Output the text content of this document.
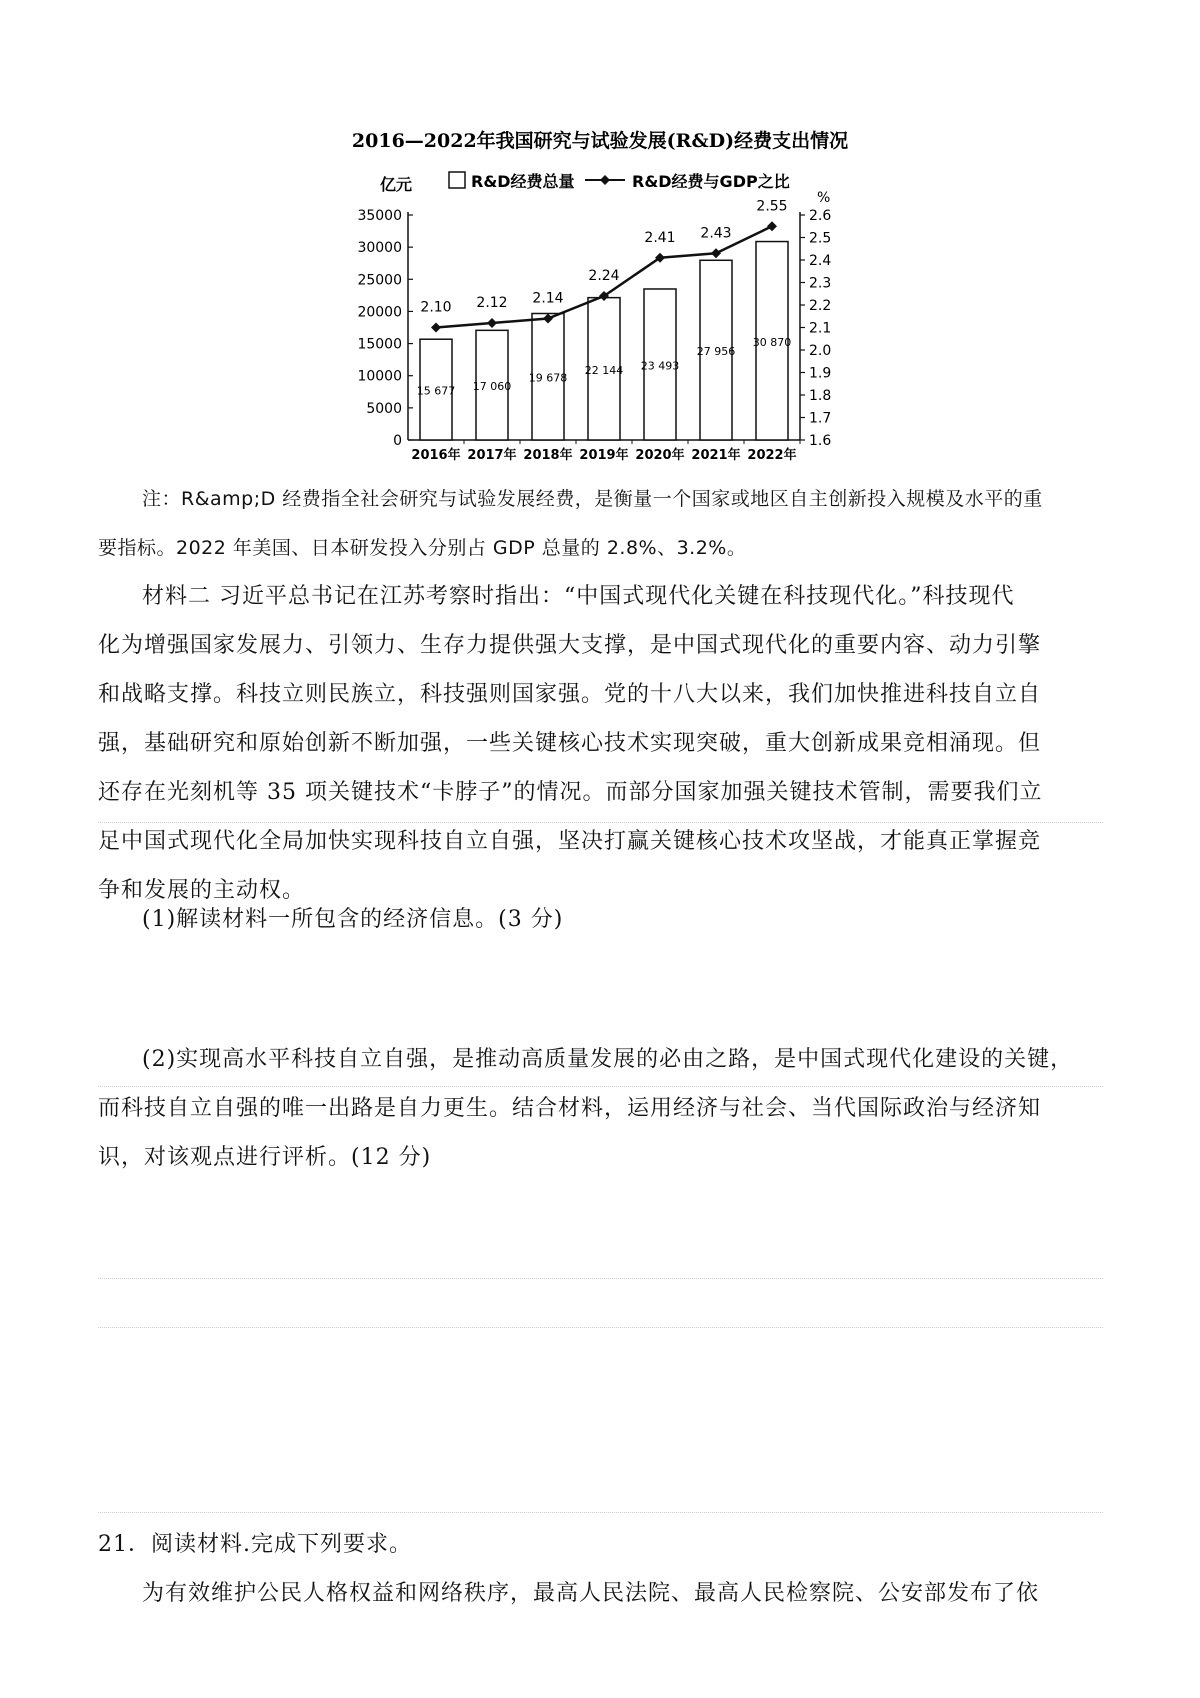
2016—2022年我国研究与试验发展(R&D)经费支出情况
亿元
%
R&D经费总量	R&D经费与GDP之比
0
5000
10000
15000
20000
25000
30000
35000
1.6
1.7
1.8
1.9
2.0
2.1
2.2
2.3
2.4
2.5
2.6
15 677
2016年
17 060
2017年
19 678
2018年
22 144
2019年
23 493
2020年
27 956
2021年
30 870
2022年
2.10 2.12 2.14
2.24
2.41 2.43
2.55
注：R&amp;D 经费指全社会研究与试验发展经费，是衡量一个国家或地区自主创新投入规模及水平的重
要指标。2022 年美国、日本研发投入分别占 GDP 总量的 2.8%、3.2%。
材料二 习近平总书记在江苏考察时指出：“中国式现代化关键在科技现代化。”科技现代
化为增强国家发展力、引领力、生存力提供强大支撑，是中国式现代化的重要内容、动力引擎
和战略支撑。科技立则民族立，科技强则国家强。党的十八大以来，我们加快推进科技自立自
强，基础研究和原始创新不断加强，一些关键核心技术实现突破，重大创新成果竞相涌现。但
还存在光刻机等 35 项关键技术“卡脖子”的情况。而部分国家加强关键技术管制，需要我们立
足中国式现代化全局加快实现科技自立自强，坚决打赢关键核心技术攻坚战，才能真正掌握竞
争和发展的主动权。
(1)解读材料一所包含的经济信息。(3 分)
(2)实现高水平科技自立自强，是推动高质量发展的必由之路，是中国式现代化建设的关键，
而科技自立自强的唯一出路是自力更生。结合材料，运用经济与社会、当代国际政治与经济知
识，对该观点进行评析。(12 分)
21．阅读材料.完成下列要求。
为有效维护公民人格权益和网络秩序，最高人民法院、最高人民检察院、公安部发布了依
